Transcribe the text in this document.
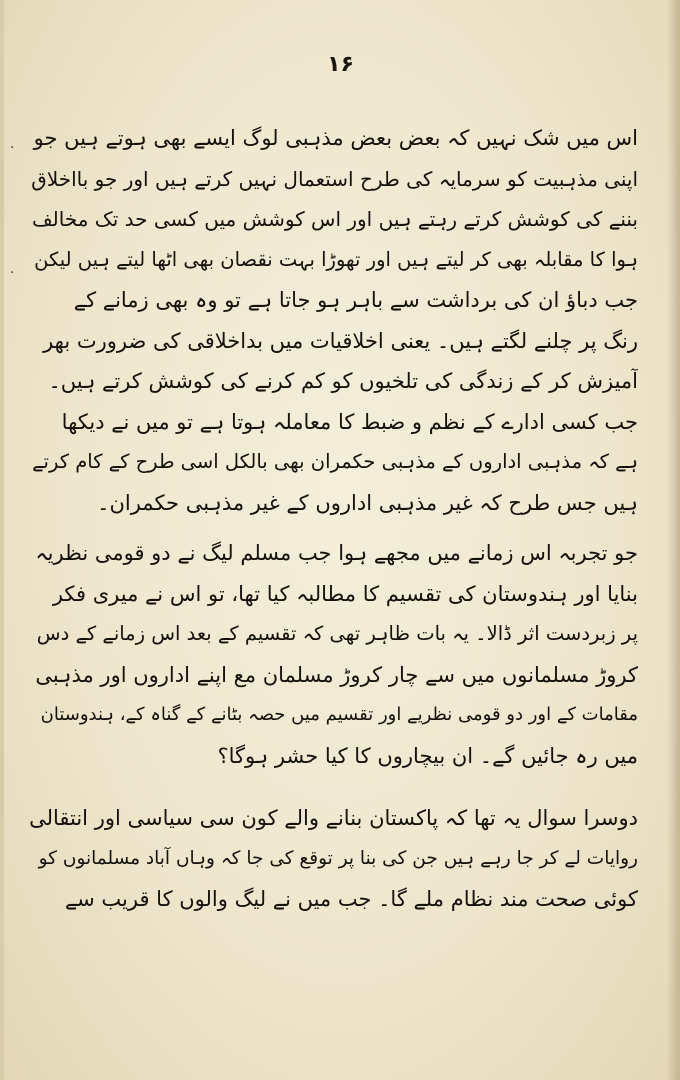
۱۶
·
·
اس میں شک نہیں کہ بعض بعض مذہبی لوگ ایسے بھی ہوتے ہیں جو
اپنی مذہبیت کو سرمایہ کی طرح استعمال نہیں کرتے ہیں اور جو بااخلاق
بننے کی کوشش کرتے رہتے ہیں اور اس کوشش میں کسی حد تک مخالف
ہوا کا مقابلہ بھی کر لیتے ہیں اور تھوڑا بہت نقصان بھی اٹھا لیتے ہیں لیکن
جب دباؤ ان کی برداشت سے باہر ہو جاتا ہے تو وہ بھی زمانے کے
رنگ پر چلنے لگتے ہیں۔ یعنی اخلاقیات میں بداخلاقی کی ضرورت بھر
آمیزش کر کے زندگی کی تلخیوں کو کم کرنے کی کوشش کرتے ہیں۔
جب کسی ادارے کے نظم و ضبط کا معاملہ ہوتا ہے تو میں نے دیکھا
ہے کہ مذہبی اداروں کے مذہبی حکمران بھی بالکل اسی طرح کے کام کرتے
ہیں جس طرح کہ غیر مذہبی اداروں کے غیر مذہبی حکمران۔
جو تجربہ اس زمانے میں مجھے ہوا جب مسلم لیگ نے دو قومی نظریہ
بنایا اور ہندوستان کی تقسیم کا مطالبہ کیا تھا، تو اس نے میری فکر
پر زبردست اثر ڈالا۔ یہ بات ظاہر تھی کہ تقسیم کے بعد اس زمانے کے دس
کروڑ مسلمانوں میں سے چار کروڑ مسلمان مع اپنے اداروں اور مذہبی
مقامات کے اور دو قومی نظریے اور تقسیم میں حصہ بٹانے کے گناہ کے، ہندوستان
میں رہ جائیں گے۔ ان بیچاروں کا کیا حشر ہوگا؟
دوسرا سوال یہ تھا کہ پاکستان بنانے والے کون سی سیاسی اور انتقالی
روایات لے کر جا رہے ہیں جن کی بنا پر توقع کی جا کہ وہاں آباد مسلمانوں کو
کوئی صحت مند نظام ملے گا۔ جب میں نے لیگ والوں کا قریب سے
